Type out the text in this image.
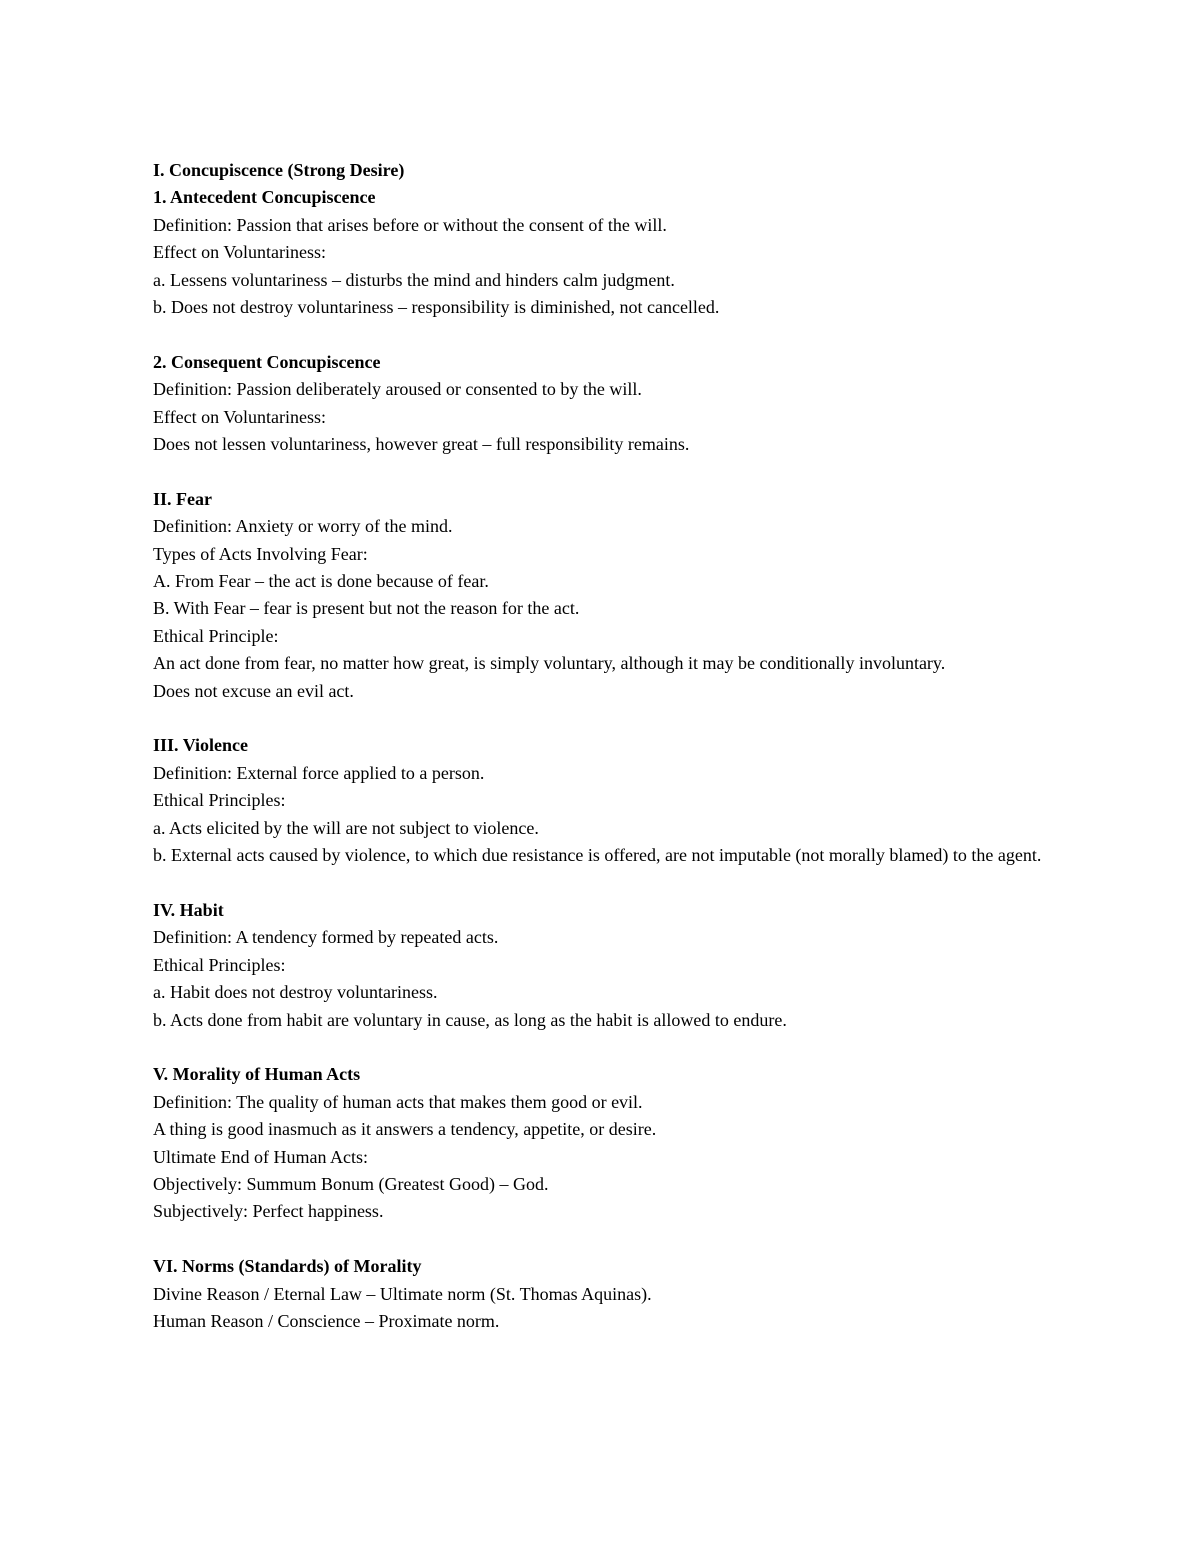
I. Concupiscence (Strong Desire)

1. Antecedent Concupiscence

Definition: Passion that arises before or without the consent of the will.

Effect on Voluntariness:

a. Lessens voluntariness – disturbs the mind and hinders calm judgment.

b. Does not destroy voluntariness – responsibility is diminished, not cancelled.

2. Consequent Concupiscence

Definition: Passion deliberately aroused or consented to by the will.

Effect on Voluntariness:

Does not lessen voluntariness, however great – full responsibility remains.

II. Fear

Definition: Anxiety or worry of the mind.

Types of Acts Involving Fear:

A. From Fear – the act is done because of fear.

B. With Fear – fear is present but not the reason for the act.

Ethical Principle:

An act done from fear, no matter how great, is simply voluntary, although it may be conditionally involuntary.

Does not excuse an evil act.

III. Violence

Definition: External force applied to a person.

Ethical Principles:

a. Acts elicited by the will are not subject to violence.

b. External acts caused by violence, to which due resistance is offered, are not imputable (not morally blamed) to the agent.

IV. Habit

Definition: A tendency formed by repeated acts.

Ethical Principles:

a. Habit does not destroy voluntariness.

b. Acts done from habit are voluntary in cause, as long as the habit is allowed to endure.

V. Morality of Human Acts

Definition: The quality of human acts that makes them good or evil.

A thing is good inasmuch as it answers a tendency, appetite, or desire.

Ultimate End of Human Acts:

Objectively: Summum Bonum (Greatest Good) – God.

Subjectively: Perfect happiness.

VI. Norms (Standards) of Morality

Divine Reason / Eternal Law – Ultimate norm (St. Thomas Aquinas).

Human Reason / Conscience – Proximate norm.
